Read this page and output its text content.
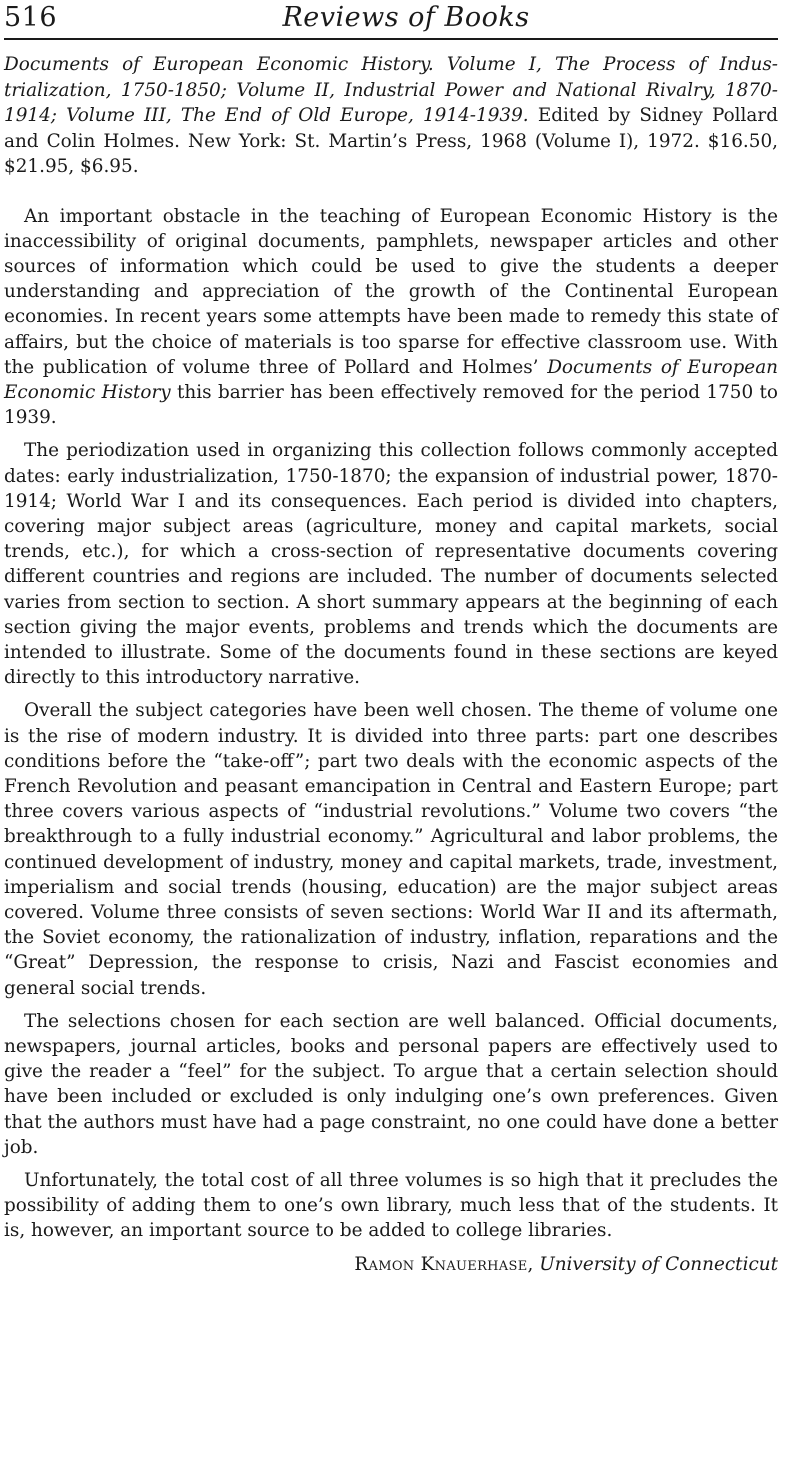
516	Reviews of Books
Documents of European Economic History. Volume I, The Process of Industrialization, 1750-1850; Volume II, Industrial Power and National Rivalry, 1870-1914; Volume III, The End of Old Europe, 1914-1939. Edited by Sidney Pollard and Colin Holmes. New York: St. Martin’s Press, 1968 (Volume I), 1972. $16.50, $21.95, $6.95.

An important obstacle in the teaching of European Economic History is the inaccessibility of original documents, pamphlets, newspaper articles and other sources of information which could be used to give the students a deeper understanding and appreciation of the growth of the Continental European economies. In recent years some attempts have been made to remedy this state of affairs, but the choice of materials is too sparse for effective classroom use. With the publication of volume three of Pollard and Holmes’ Documents of European Economic History this barrier has been effectively removed for the period 1750 to 1939.

The periodization used in organizing this collection follows commonly accepted dates: early industrialization, 1750-1870; the expansion of industrial power, 1870-1914; World War I and its consequences. Each period is divided into chapters, covering major subject areas (agriculture, money and capital markets, social trends, etc.), for which a cross-section of representative documents covering different countries and regions are included. The number of documents selected varies from section to section. A short summary appears at the beginning of each section giving the major events, problems and trends which the documents are intended to illustrate. Some of the documents found in these sections are keyed directly to this introductory narrative.

Overall the subject categories have been well chosen. The theme of volume one is the rise of modern industry. It is divided into three parts: part one describes conditions before the “take-off”; part two deals with the economic aspects of the French Revolution and peasant emancipation in Central and Eastern Europe; part three covers various aspects of “industrial revolutions.” Volume two covers “the breakthrough to a fully industrial economy.” Agricultural and labor problems, the continued development of industry, money and capital markets, trade, investment, imperialism and social trends (housing, education) are the major subject areas covered. Volume three consists of seven sections: World War II and its aftermath, the Soviet economy, the rationalization of industry, inflation, reparations and the “Great” Depression, the response to crisis, Nazi and Fascist economies and general social trends.

The selections chosen for each section are well balanced. Official documents, newspapers, journal articles, books and personal papers are effectively used to give the reader a “feel” for the subject. To argue that a certain selection should have been included or excluded is only indulging one’s own preferences. Given that the authors must have had a page constraint, no one could have done a better job.

Unfortunately, the total cost of all three volumes is so high that it precludes the possibility of adding them to one’s own library, much less that of the students. It is, however, an important source to be added to college libraries.

Ramon Knauerhase, University of Connecticut
